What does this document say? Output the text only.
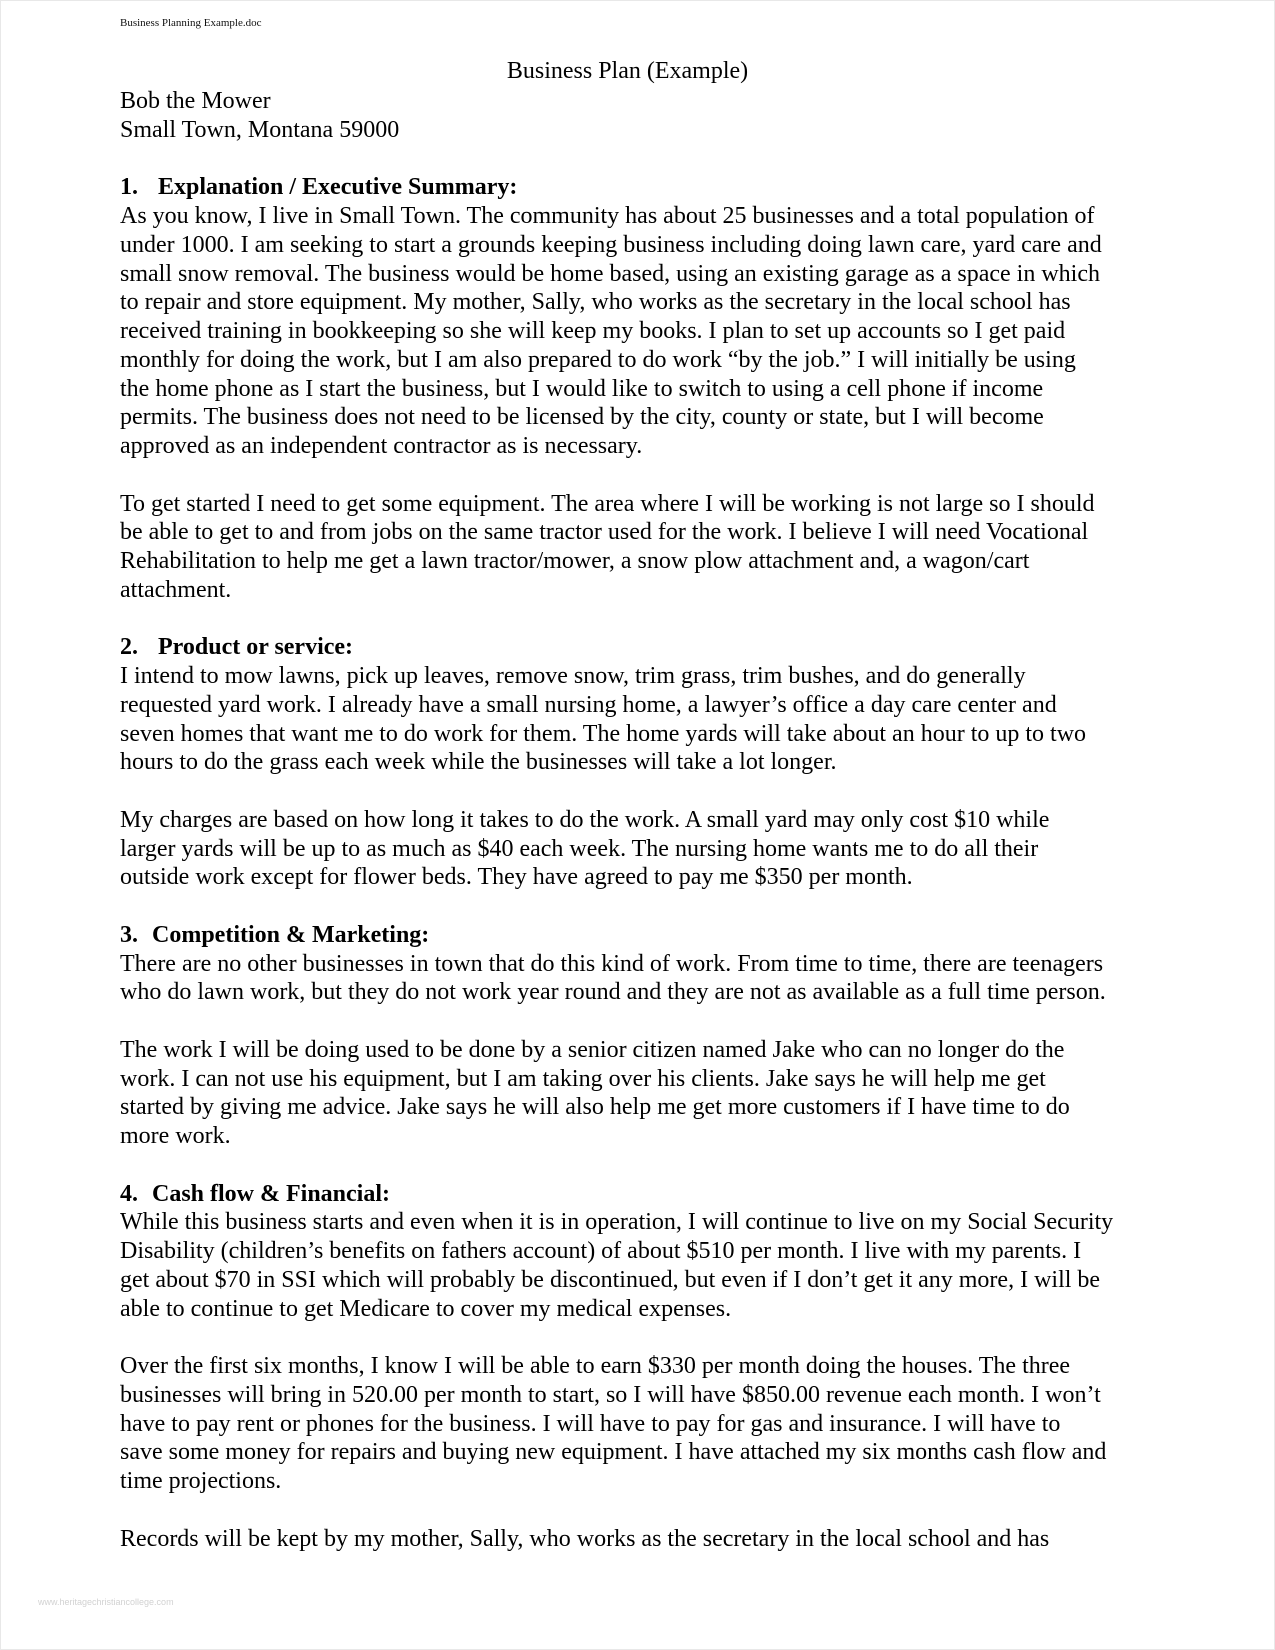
Business Planning Example.doc
Business Plan (Example)
Bob the Mower
Small Town, Montana 59000
1. Explanation / Executive Summary:
As you know, I live in Small Town. The community has about 25 businesses and a total population of
under 1000. I am seeking to start a grounds keeping business including doing lawn care, yard care and
small snow removal. The business would be home based, using an existing garage as a space in which
to repair and store equipment. My mother, Sally, who works as the secretary in the local school has
received training in bookkeeping so she will keep my books. I plan to set up accounts so I get paid
monthly for doing the work, but I am also prepared to do work “by the job.” I will initially be using
the home phone as I start the business, but I would like to switch to using a cell phone if income
permits. The business does not need to be licensed by the city, county or state, but I will become
approved as an independent contractor as is necessary.
To get started I need to get some equipment. The area where I will be working is not large so I should
be able to get to and from jobs on the same tractor used for the work. I believe I will need Vocational
Rehabilitation to help me get a lawn tractor/mower, a snow plow attachment and, a wagon/cart
attachment.
2. Product or service:
I intend to mow lawns, pick up leaves, remove snow, trim grass, trim bushes, and do generally
requested yard work. I already have a small nursing home, a lawyer’s office a day care center and
seven homes that want me to do work for them. The home yards will take about an hour to up to two
hours to do the grass each week while the businesses will take a lot longer.
My charges are based on how long it takes to do the work. A small yard may only cost $10 while
larger yards will be up to as much as $40 each week. The nursing home wants me to do all their
outside work except for flower beds. They have agreed to pay me $350 per month.
3. Competition & Marketing:
There are no other businesses in town that do this kind of work. From time to time, there are teenagers
who do lawn work, but they do not work year round and they are not as available as a full time person.
The work I will be doing used to be done by a senior citizen named Jake who can no longer do the
work. I can not use his equipment, but I am taking over his clients. Jake says he will help me get
started by giving me advice. Jake says he will also help me get more customers if I have time to do
more work.
4. Cash flow & Financial:
While this business starts and even when it is in operation, I will continue to live on my Social Security
Disability (children’s benefits on fathers account) of about $510 per month. I live with my parents. I
get about $70 in SSI which will probably be discontinued, but even if I don’t get it any more, I will be
able to continue to get Medicare to cover my medical expenses.
Over the first six months, I know I will be able to earn $330 per month doing the houses. The three
businesses will bring in 520.00 per month to start, so I will have $850.00 revenue each month. I won’t
have to pay rent or phones for the business. I will have to pay for gas and insurance. I will have to
save some money for repairs and buying new equipment. I have attached my six months cash flow and
time projections.
Records will be kept by my mother, Sally, who works as the secretary in the local school and has
www.heritagechristiancollege.com
